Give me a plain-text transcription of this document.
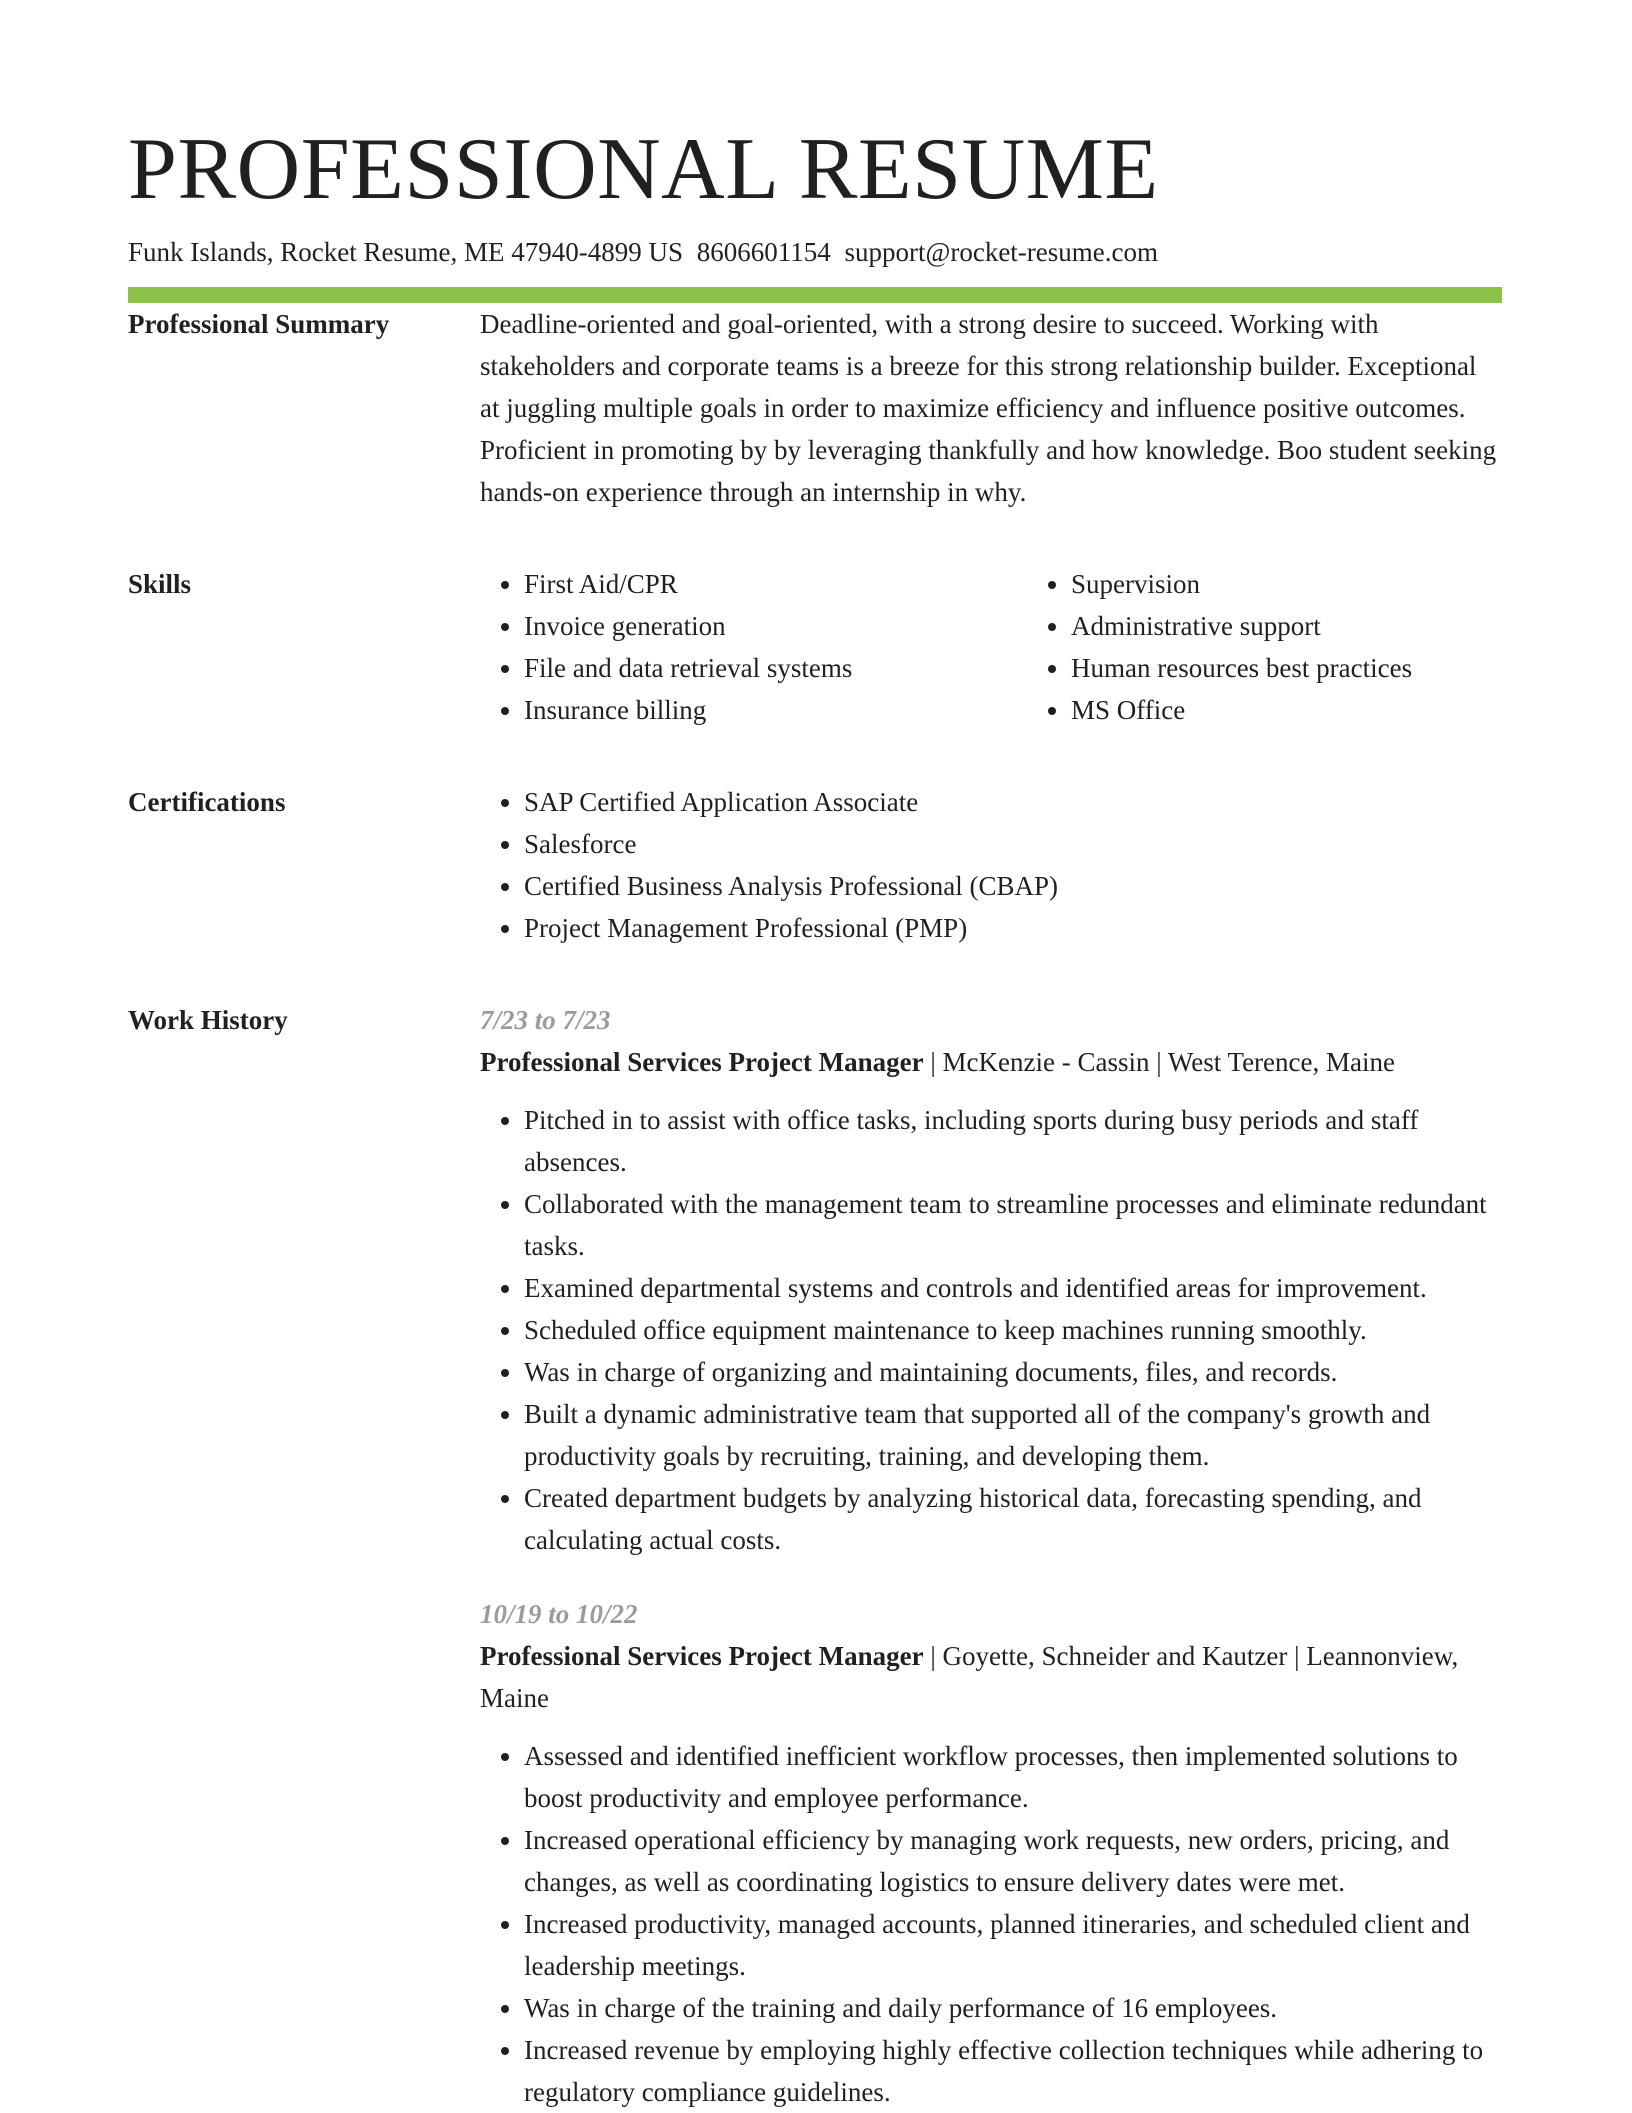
PROFESSIONAL RESUME
Funk Islands, Rocket Resume, ME 47940-4899 US 8606601154 support@rocket-resume.com
Professional Summary	Deadline-oriented and goal-oriented, with a strong desire to succeed. Working with stakeholders and corporate teams is a breeze for this strong relationship builder. Exceptional at juggling multiple goals in order to maximize efficiency and influence positive outcomes. Proficient in promoting by by leveraging thankfully and how knowledge. Boo student seeking hands-on experience through an internship in why.

Skills	• First Aid/CPR
• Invoice generation
• File and data retrieval systems
• Insurance billing
• Supervision
• Administrative support
• Human resources best practices
• MS Office
Certifications	• SAP Certified Application Associate
• Salesforce
• Certified Business Analysis Professional (CBAP)
• Project Management Professional (PMP)
Work History	7/23 to 7/23
Professional Services Project Manager | McKenzie - Cassin | West Terence, Maine
• Pitched in to assist with office tasks, including sports during busy periods and staff absences.
• Collaborated with the management team to streamline processes and eliminate redundant tasks.
• Examined departmental systems and controls and identified areas for improvement.
• Scheduled office equipment maintenance to keep machines running smoothly.
• Was in charge of organizing and maintaining documents, files, and records.
• Built a dynamic administrative team that supported all of the company's growth and productivity goals by recruiting, training, and developing them.
• Created department budgets by analyzing historical data, forecasting spending, and calculating actual costs.
10/19 to 10/22
Professional Services Project Manager | Goyette, Schneider and Kautzer | Leannonview, Maine
• Assessed and identified inefficient workflow processes, then implemented solutions to boost productivity and employee performance.
• Increased operational efficiency by managing work requests, new orders, pricing, and changes, as well as coordinating logistics to ensure delivery dates were met.
• Increased productivity, managed accounts, planned itineraries, and scheduled client and leadership meetings.
• Was in charge of the training and daily performance of 16 employees.
• Increased revenue by employing highly effective collection techniques while adhering to regulatory compliance guidelines.
